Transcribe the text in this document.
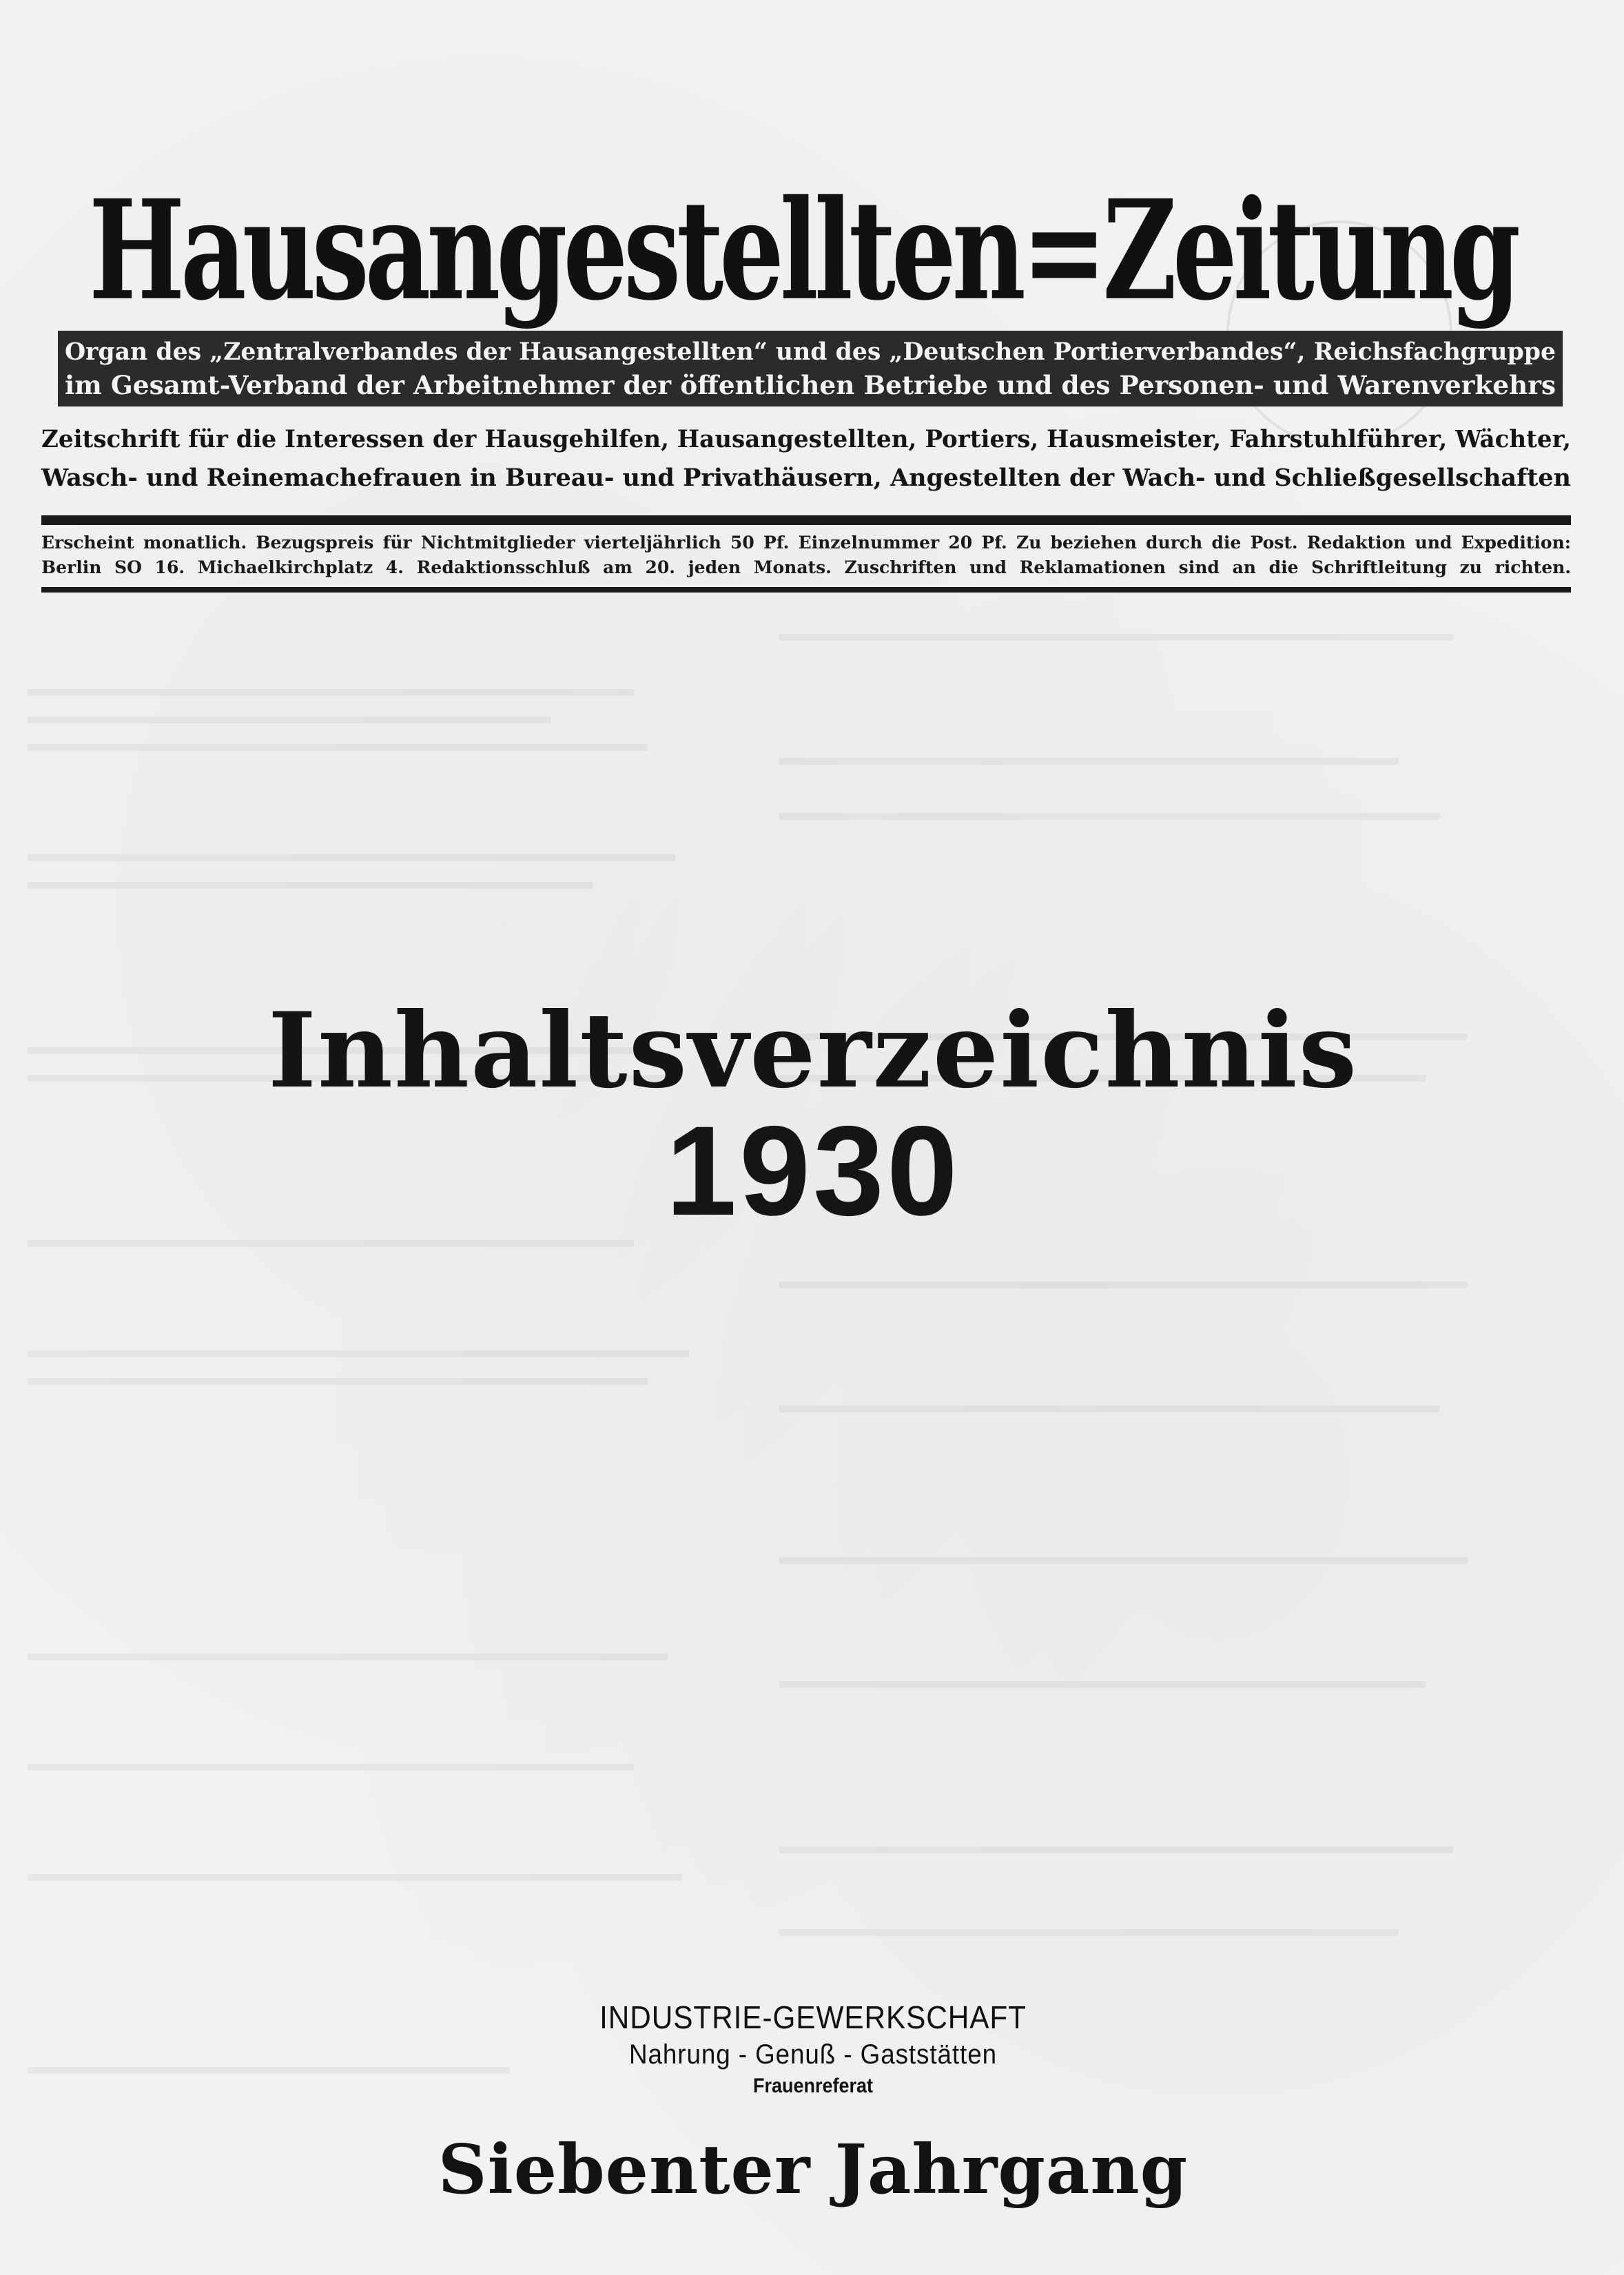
Hausangestellten=Zeitung
Organ des „Zentralverbandes der Hausangestellten“ und des „Deutschen Portierverbandes“, Reichsfachgruppe
im Gesamt-Verband der Arbeitnehmer der öffentlichen Betriebe und des Personen- und Warenverkehrs
Zeitschrift für die Interessen der Hausgehilfen, Hausangestellten, Portiers, Hausmeister, Fahrstuhlführer, Wächter,
Wasch- und Reinemachefrauen in Bureau- und Privathäusern, Angestellten der Wach- und Schließgesellschaften
Erscheint monatlich. Bezugspreis für Nichtmitglieder vierteljährlich 50 Pf. Einzelnummer 20 Pf. Zu beziehen durch die Post. Redaktion und Expedition:
Berlin SO 16. Michaelkirchplatz 4. Redaktionsschluß am 20. jeden Monats. Zuschriften und Reklamationen sind an die Schriftleitung zu richten.
Inhaltsverzeichnis
1930
INDUSTRIE-GEWERKSCHAFT
Nahrung - Genuß - Gaststätten
Frauenreferat
Siebenter Jahrgang
